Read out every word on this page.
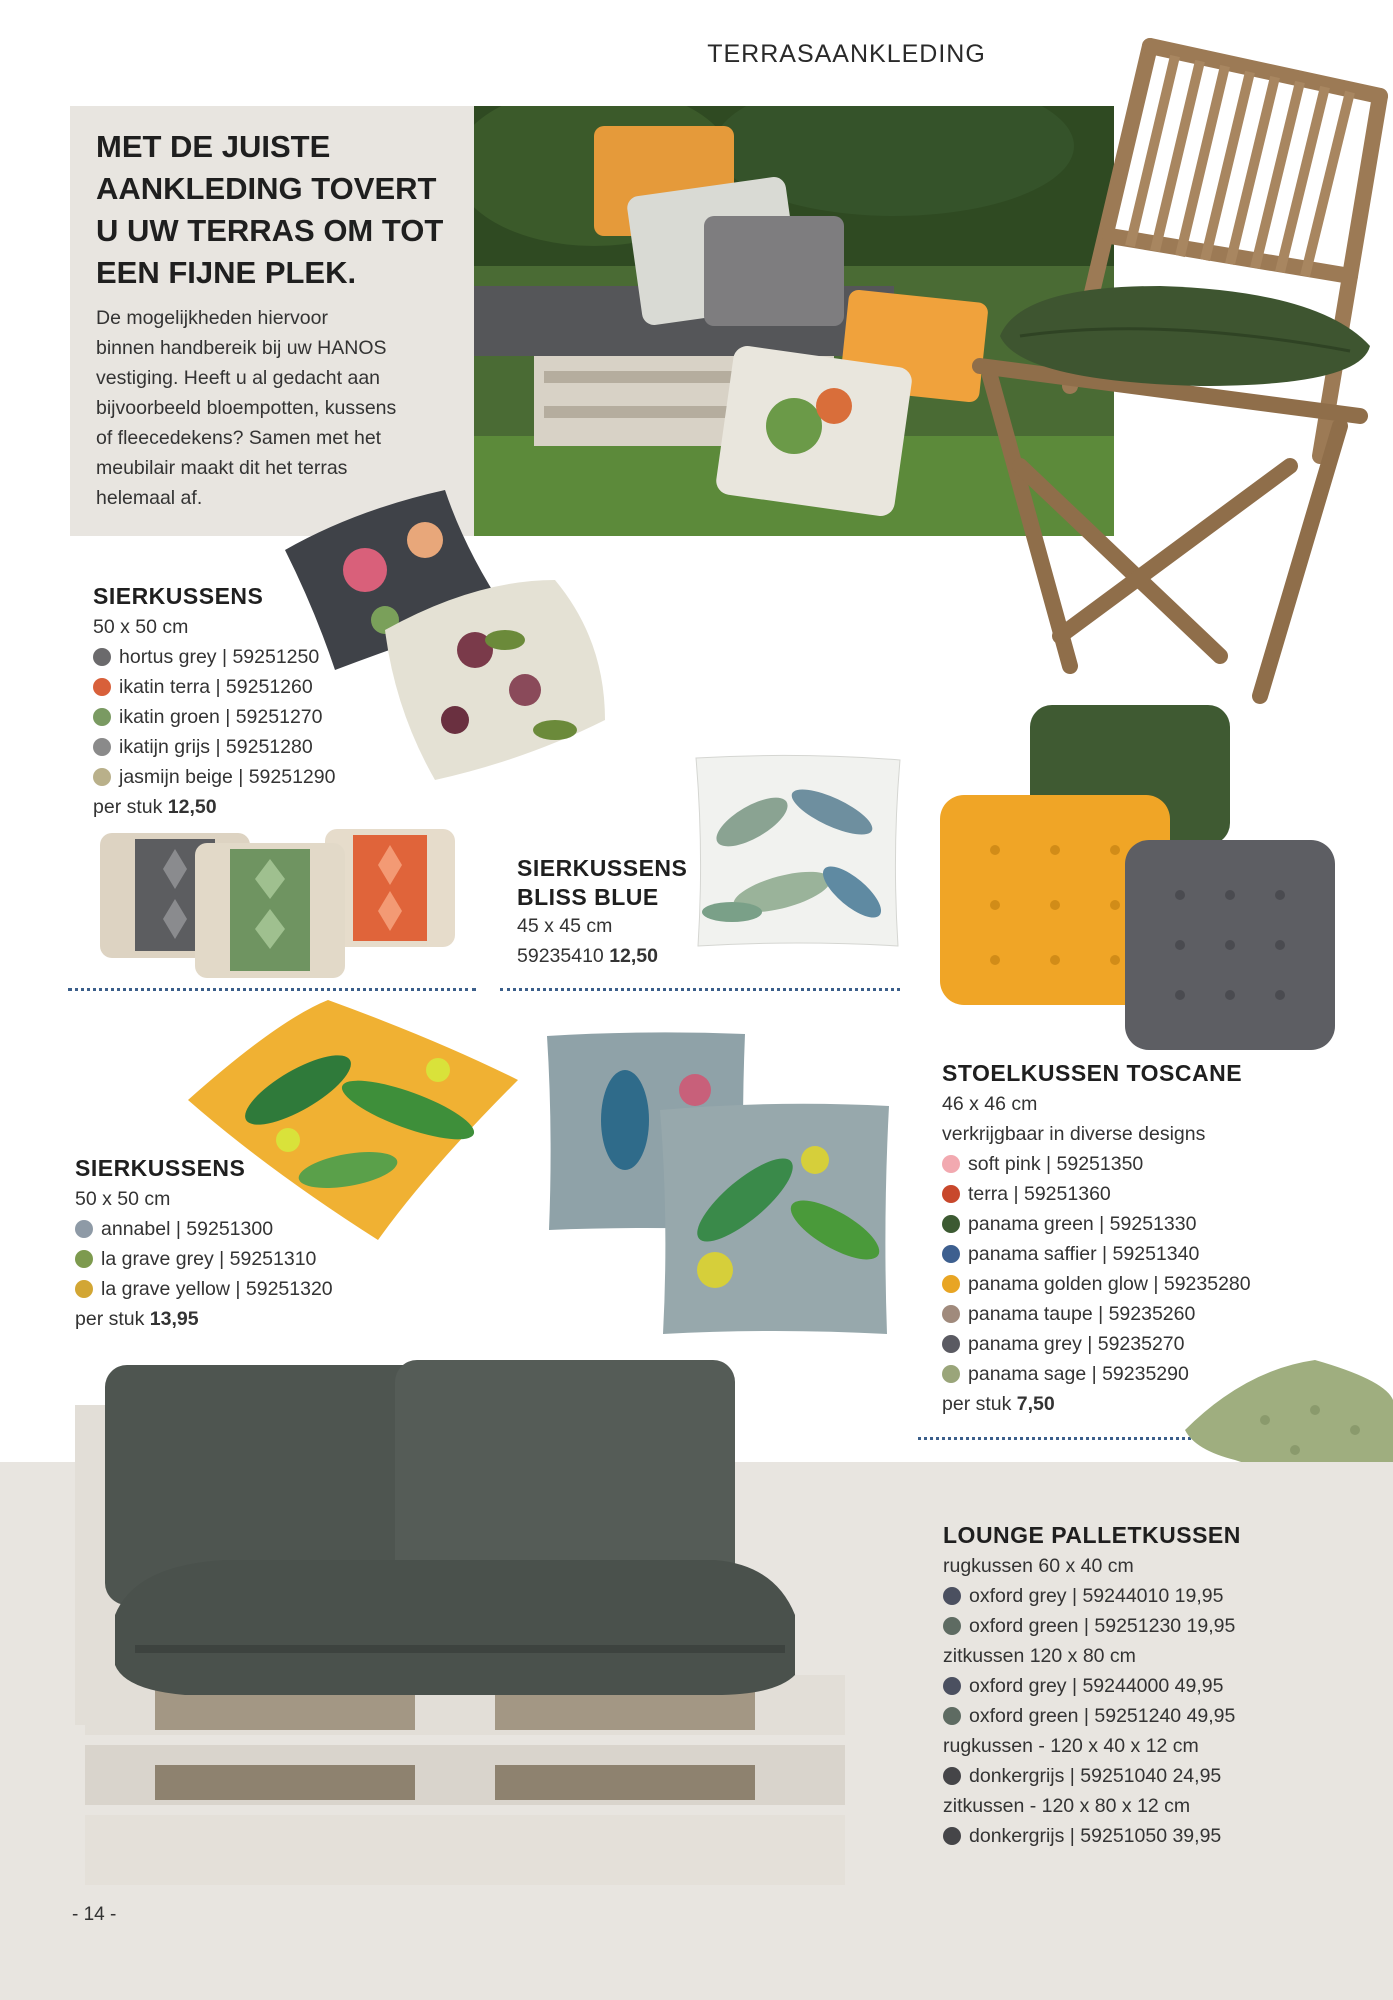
TERRASAANKLEDING
MET DE JUISTE
AANKLEDING TOVERT
U UW TERRAS OM TOT
EEN FIJNE PLEK.
De mogelijkheden hiervoor
binnen handbereik bij uw HANOS
vestiging. Heeft u al gedacht aan
bijvoorbeeld bloempotten, kussens
of fleecedekens? Samen met het
meubilair maakt dit het terras
helemaal af.
SIERKUSSENS
50 x 50 cm
hortus grey | 59251250
ikatin terra | 59251260
ikatin groen | 59251270
ikatijn grijs | 59251280
jasmijn beige | 59251290
per stuk 12,50
SIERKUSSENS
BLISS BLUE
45 x 45 cm
59235410 12,50
SIERKUSSENS
50 x 50 cm
annabel | 59251300
la grave grey | 59251310
la grave yellow | 59251320
per stuk 13,95
STOELKUSSEN TOSCANE
46 x 46 cm
verkrijgbaar in diverse designs
soft pink | 59251350
terra | 59251360
panama green | 59251330
panama saffier | 59251340
panama golden glow | 59235280
panama taupe | 59235260
panama grey | 59235270
panama sage | 59235290
per stuk 7,50
LOUNGE PALLETKUSSEN
rugkussen 60 x 40 cm
oxford grey | 59244010 19,95
oxford green | 59251230 19,95
zitkussen 120 x 80 cm
oxford grey | 59244000 49,95
oxford green | 59251240 49,95
rugkussen - 120 x 40 x 12 cm
donkergrijs | 59251040 24,95
zitkussen - 120 x 80 x 12 cm
donkergrijs | 59251050 39,95
- 14 -
